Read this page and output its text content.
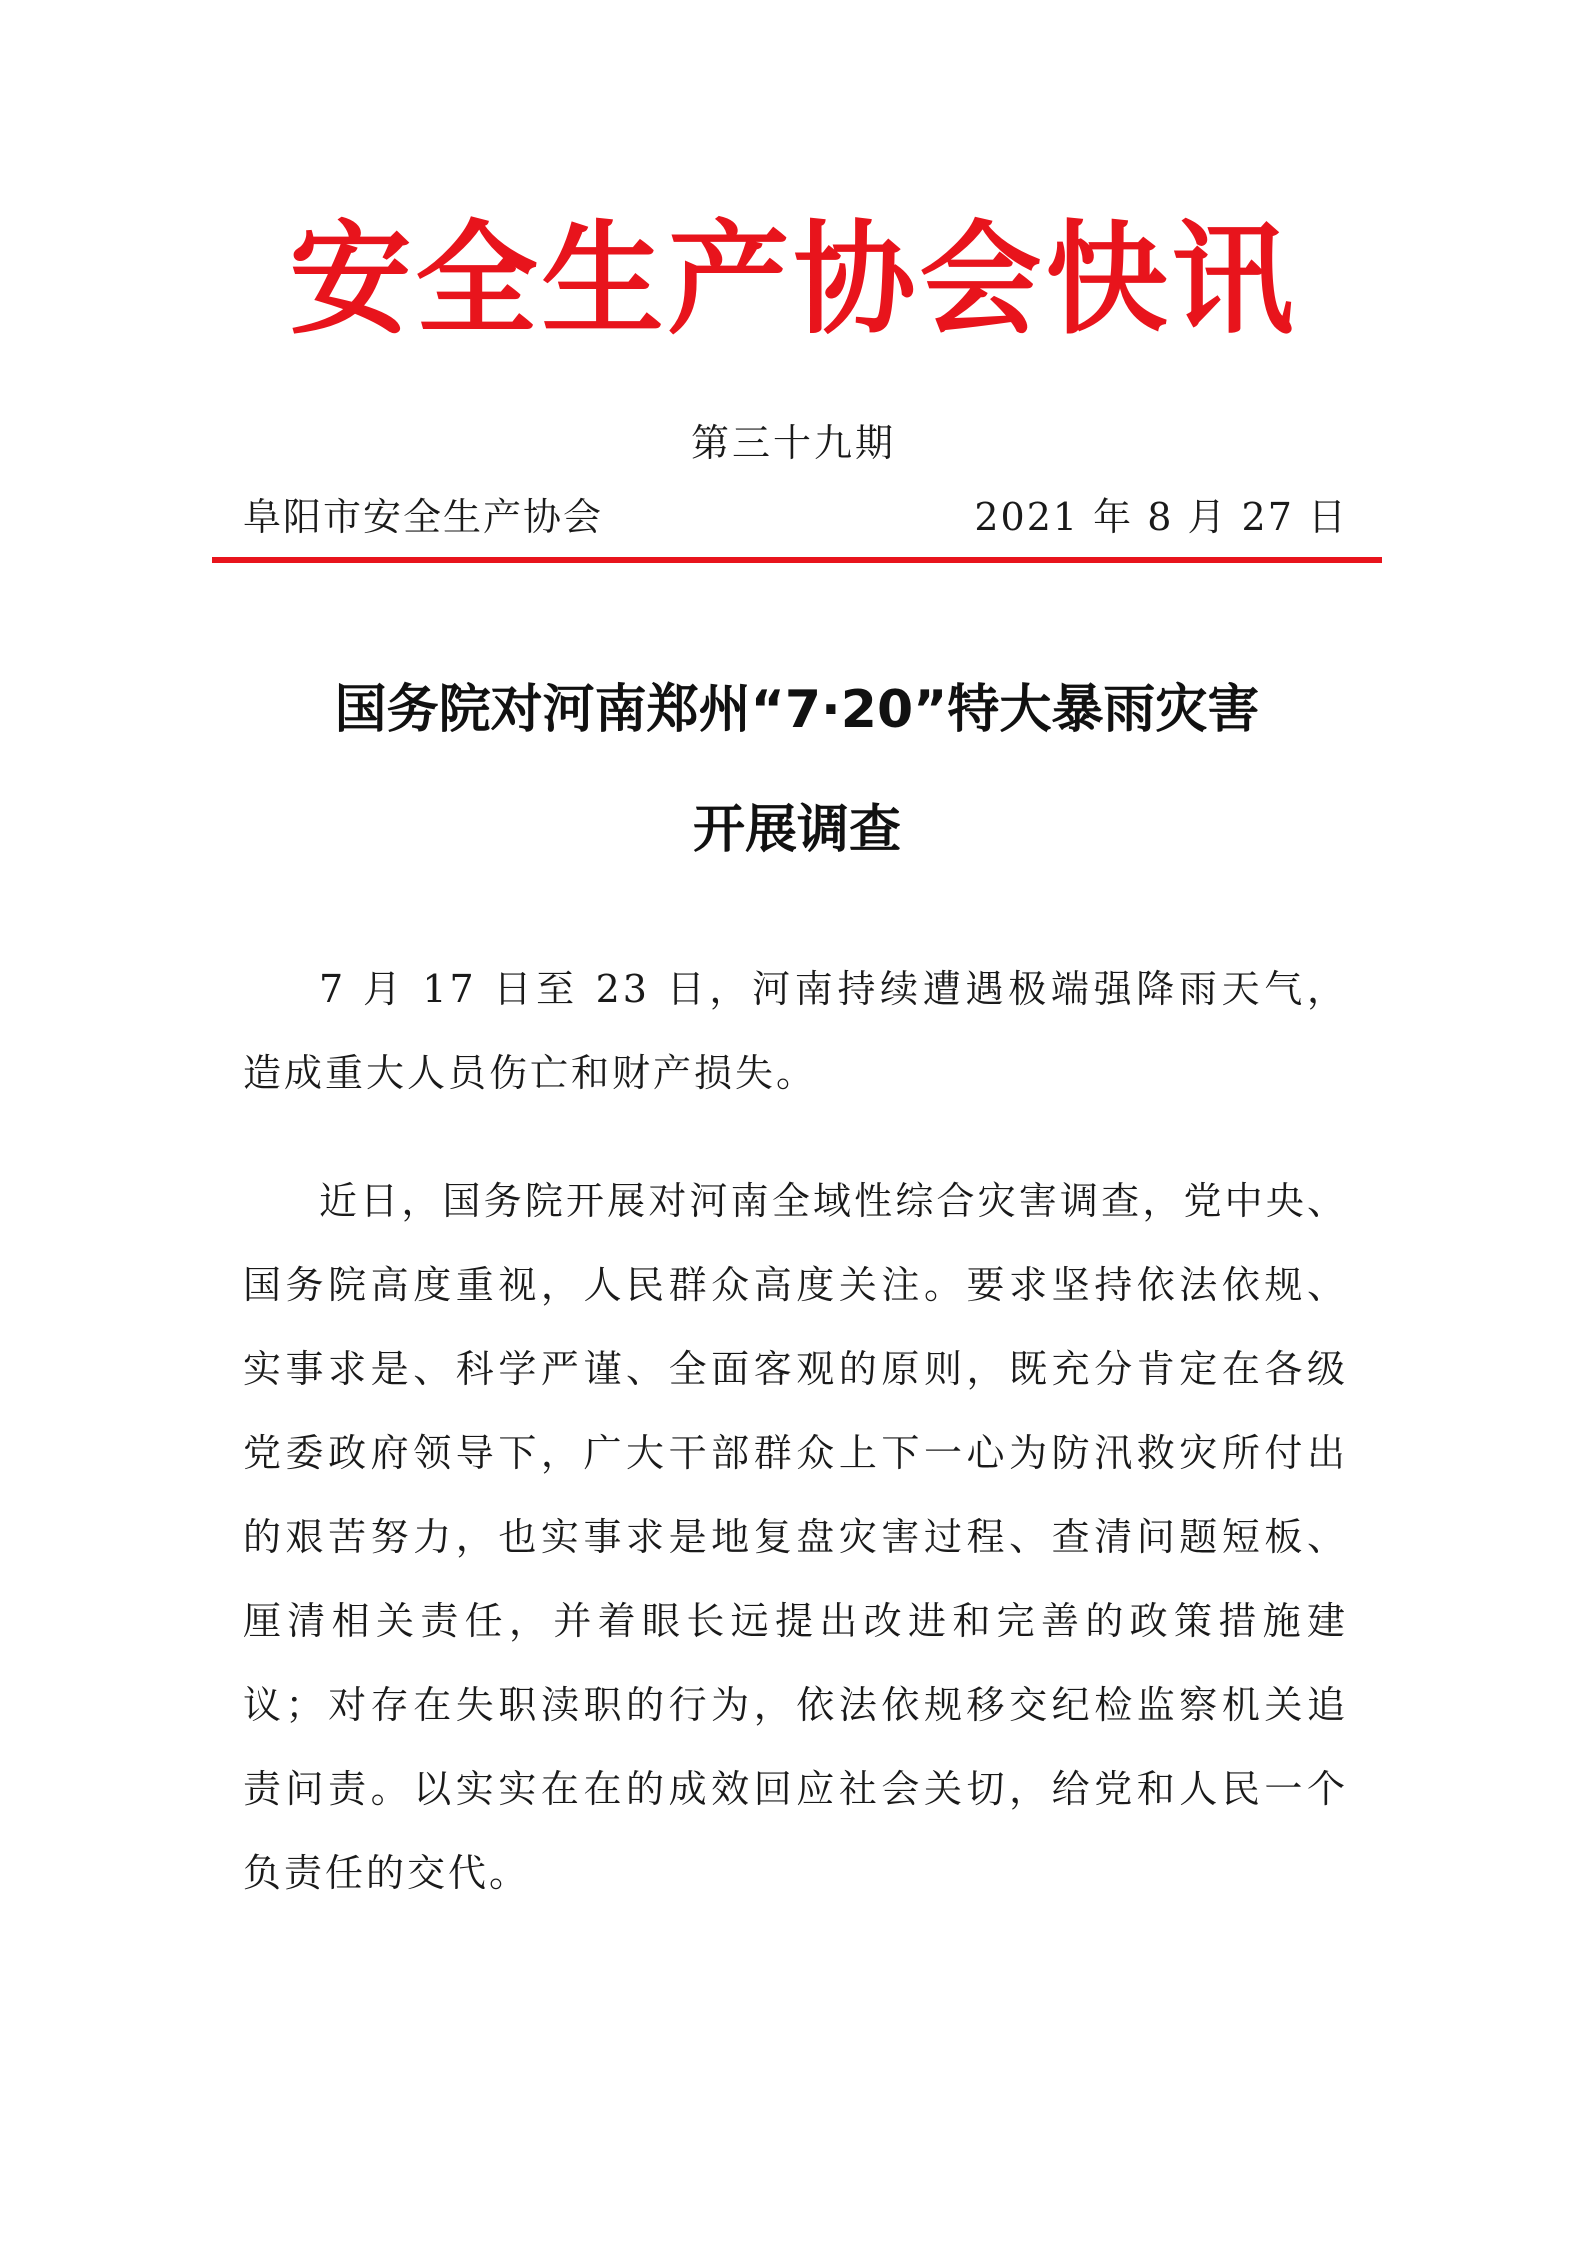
安全生产协会快讯
第三十九期
阜阳市安全生产协会	2021 年 8 月 27 日
国务院对河南郑州“7·20”特大暴雨灾害
开展调查

7 月 17 日至 23 日，河南持续遭遇极端强降雨天气，造成重大人员伤亡和财产损失。

近日，国务院开展对河南全域性综合灾害调查，党中央、国务院高度重视，人民群众高度关注。要求坚持依法依规、实事求是、科学严谨、全面客观的原则，既充分肯定在各级党委政府领导下，广大干部群众上下一心为防汛救灾所付出的艰苦努力，也实事求是地复盘灾害过程、查清问题短板、厘清相关责任，并着眼长远提出改进和完善的政策措施建议；对存在失职渎职的行为，依法依规移交纪检监察机关追责问责。以实实在在的成效回应社会关切，给党和人民一个负责任的交代。
